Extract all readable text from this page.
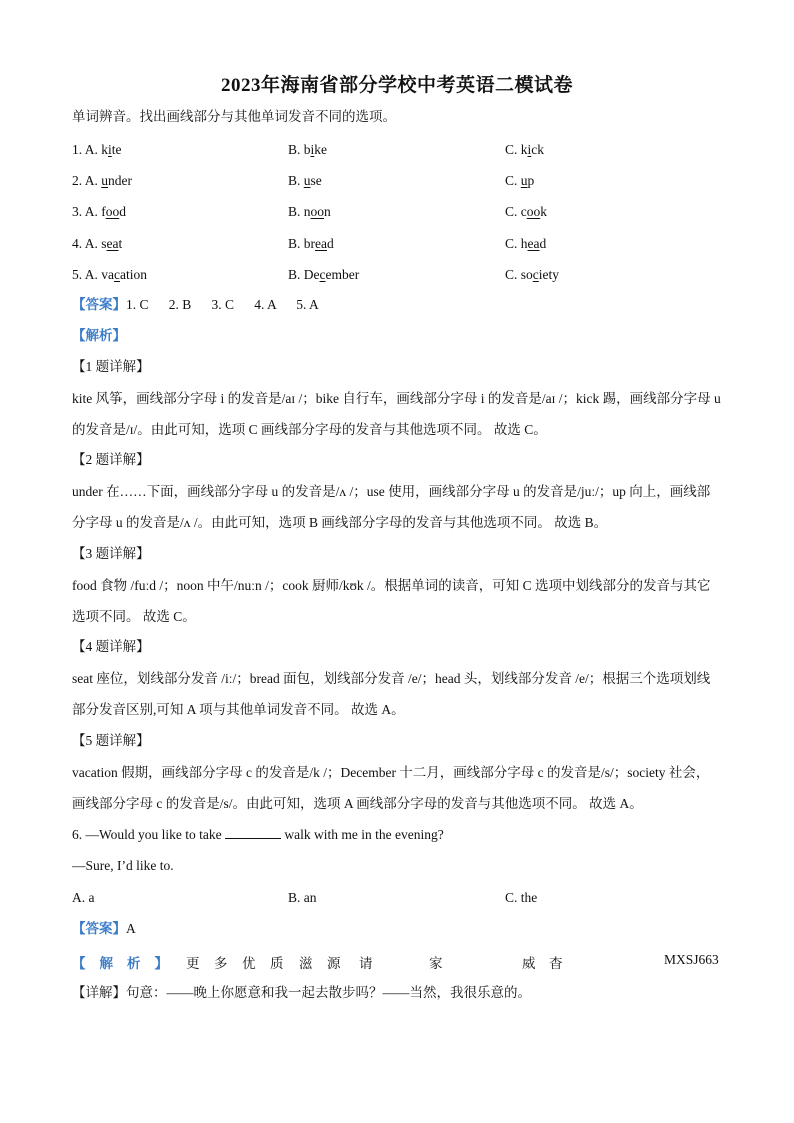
2023年海南省部分学校中考英语二模试卷
单词辨音。找出画线部分与其他单词发音不同的选项。
1. A. kite	B. bike	C. kick
2. A. under	B. use	C. up
3. A. food	B. noon	C. cook
4. A. seat	B. bread	C. head
5. A. vacation	B. December	C. society
【答案】1. C      2. B      3. C      4. A      5. A
【解析】
【1 题详解】
kite 风筝，画线部分字母 i 的发音是/aɪ /；bike 自行车，画线部分字母 i 的发音是/aɪ /；kick 踢，画线部分字母 u 的发音是/ɪ/。由此可知，选项 C 画线部分字母的发音与其他选项不同。 故选 C。
【2 题详解】
under 在……下面，画线部分字母 u 的发音是/ʌ /；use 使用，画线部分字母 u 的发音是/juː/；up 向上，画线部分字母 u 的发音是/ʌ /。由此可知，选项 B 画线部分字母的发音与其他选项不同。 故选 B。
【3 题详解】
food 食物 /fuːd /；noon 中午/nuːn /；cook 厨师/kʊk /。根据单词的读音，可知 C 选项中划线部分的发音与其它选项不同。 故选 C。
【4 题详解】
seat 座位，划线部分发音 /iː/；bread 面包，划线部分发音 /e/；head 头，划线部分发音 /e/；根据三个选项划线部分发音区别,可知 A 项与其他单词发音不同。 故选 A。
【5 题详解】
vacation 假期，画线部分字母 c 的发音是/k /；December 十二月，画线部分字母 c 的发音是/s/；society 社会，画线部分字母 c 的发音是/s/。由此可知，选项 A 画线部分字母的发音与其他选项不同。 故选 A。
6. —Would you like to take	walk with me in the evening?
—Sure, I’d like to.
A. a	B. an	C. the
【答案】A
【解析】 更 多 优 质 滋 源 请	家	威 杳	MXSJ663
【详解】句意：——晚上你愿意和我一起去散步吗？——当然，我很乐意的。
